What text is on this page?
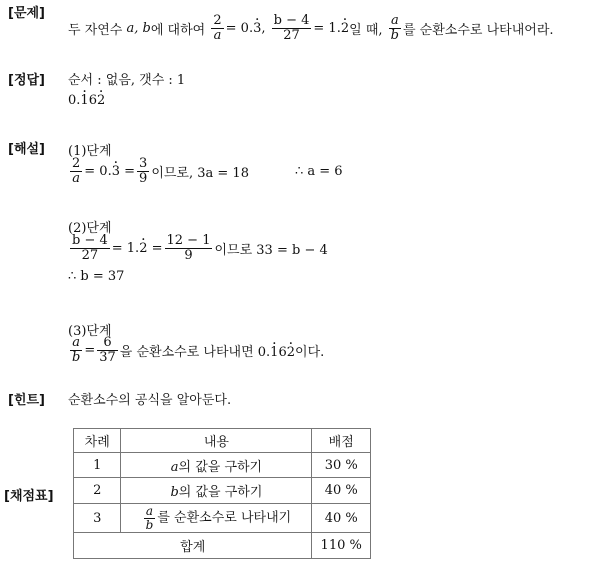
[문제]
[정답]
[해설]
[힌트]
[채점표]
두 자연수
a, b 에 대하여
$\frac{2}{a} = 0.\cdot 3$,
$\frac{b - 4}{27} = 1.\cdot 2$ 일 때,
$\frac{a}{b}$ 를 순환소수로 나타내어라.
순서 : 없음, 갯수 : 1
0.· 16· 2
(1)단계
$\frac{2}{a} = 0.\cdot 3 = \frac{3}{9}$ 이므로, 3a = 18	∴ a = 6
(2)단계
$\frac{b - 4}{27} = 1.\cdot 2 = \frac{12 - 1}{9}$ 이므로 33 = b − 4
∴ b = 37
(3)단계
$\frac{a}{b} = \frac{6}{37}$ 을 순환소수로 나타내면 0.· 16· 2이다.
순환소수의 공식을 알아둔다.
차례	내용	배점
1	a의 값을 구하기	30 %
2	b의 값을 구하기	40 %
3	$\frac{a}{b}$ 를 순환소수로 나타내기	40 %
합계		110 %
